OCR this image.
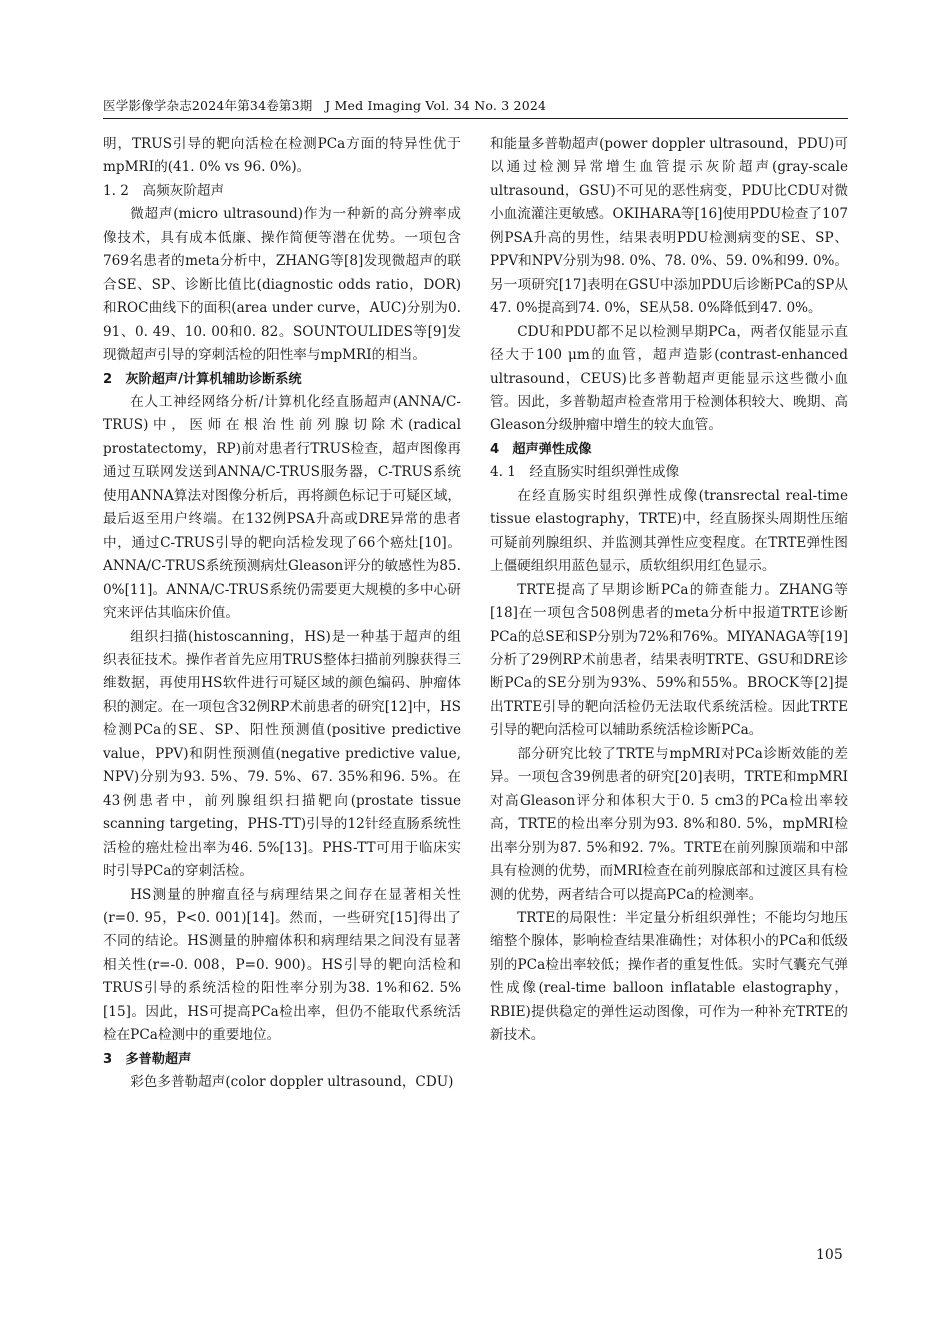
医学影像学杂志2024年第34卷第3期　J Med Imaging Vol. 34 No. 3 2024

明，TRUS引导的靶向活检在检测PCa方面的特异性优于mpMRI的(41. 0% vs 96. 0%)。

1. 2　高频灰阶超声

微超声(micro ultrasound)作为一种新的高分辨率成像技术，具有成本低廉、操作简便等潜在优势。一项包含769名患者的meta分析中，ZHANG等[8]发现微超声的联合SE、SP、诊断比值比(diagnostic odds ratio，DOR)和ROC曲线下的面积(area under curve，AUC)分别为0. 91、0. 49、10. 00和0. 82。SOUNTOULIDES等[9]发现微超声引导的穿刺活检的阳性率与mpMRI的相当。

2　灰阶超声/计算机辅助诊断系统

在人工神经网络分析/计算机化经直肠超声(ANNA/C-TRUS)中，医师在根治性前列腺切除术(radical prostatectomy，RP)前对患者行TRUS检查，超声图像再通过互联网发送到ANNA/C-TRUS服务器，C-TRUS系统使用ANNA算法对图像分析后，再将颜色标记于可疑区域，最后返至用户终端。在132例PSA升高或DRE异常的患者中，通过C-TRUS引导的靶向活检发现了66个癌灶[10]。ANNA/C-TRUS系统预测病灶Gleason评分的敏感性为85. 0%[11]。ANNA/C-TRUS系统仍需要更大规模的多中心研究来评估其临床价值。

组织扫描(histoscanning，HS)是一种基于超声的组织表征技术。操作者首先应用TRUS整体扫描前列腺获得三维数据，再使用HS软件进行可疑区域的颜色编码、肿瘤体积的测定。在一项包含32例RP术前患者的研究[12]中，HS检测PCa的SE、SP、阳性预测值(positive predictive value，PPV)和阴性预测值(negative predictive value, NPV)分别为93. 5%、79. 5%、67. 35%和96. 5%。在43例患者中，前列腺组织扫描靶向(prostate tissue scanning targeting，PHS-TT)引导的12针经直肠系统性活检的癌灶检出率为46. 5%[13]。PHS-TT可用于临床实时引导PCa的穿刺活检。

HS测量的肿瘤直径与病理结果之间存在显著相关性(r=0. 95，P<0. 001)[14]。然而，一些研究[15]得出了不同的结论。HS测量的肿瘤体积和病理结果之间没有显著相关性(r=-0. 008，P=0. 900)。HS引导的靶向活检和TRUS引导的系统活检的阳性率分别为38. 1%和62. 5%[15]。因此，HS可提高PCa检出率，但仍不能取代系统活检在PCa检测中的重要地位。

3　多普勒超声

彩色多普勒超声(color doppler ultrasound，CDU)

和能量多普勒超声(power doppler ultrasound，PDU)可以通过检测异常增生血管提示灰阶超声(gray-scale ultrasound，GSU)不可见的恶性病变，PDU比CDU对微小血流灌注更敏感。OKIHARA等[16]使用PDU检查了107例PSA升高的男性，结果表明PDU检测病变的SE、SP、PPV和NPV分别为98. 0%、78. 0%、59. 0%和99. 0%。另一项研究[17]表明在GSU中添加PDU后诊断PCa的SP从47. 0%提高到74. 0%，SE从58. 0%降低到47. 0%。

CDU和PDU都不足以检测早期PCa，两者仅能显示直径大于100 μm的血管，超声造影(contrast-enhanced ultrasound，CEUS)比多普勒超声更能显示这些微小血管。因此，多普勒超声检查常用于检测体积较大、晚期、高Gleason分级肿瘤中增生的较大血管。

4　超声弹性成像

4. 1　经直肠实时组织弹性成像

在经直肠实时组织弹性成像(transrectal real-time tissue elastography，TRTE)中，经直肠探头周期性压缩可疑前列腺组织、并监测其弹性应变程度。在TRTE弹性图上僵硬组织用蓝色显示，质软组织用红色显示。

TRTE提高了早期诊断PCa的筛查能力。ZHANG等[18]在一项包含508例患者的meta分析中报道TRTE诊断PCa的总SE和SP分别为72%和76%。MIYANAGA等[19]分析了29例RP术前患者，结果表明TRTE、GSU和DRE诊断PCa的SE分别为93%、59%和55%。BROCK等[2]提出TRTE引导的靶向活检仍无法取代系统活检。因此TRTE引导的靶向活检可以辅助系统活检诊断PCa。

部分研究比较了TRTE与mpMRI对PCa诊断效能的差异。一项包含39例患者的研究[20]表明，TRTE和mpMRI对高Gleason评分和体积大于0. 5 cm3的PCa检出率较高，TRTE的检出率分别为93. 8%和80. 5%，mpMRI检出率分别为87. 5%和92. 7%。TRTE在前列腺顶端和中部具有检测的优势，而MRI检查在前列腺底部和过渡区具有检测的优势，两者结合可以提高PCa的检测率。

TRTE的局限性：半定量分析组织弹性；不能均匀地压缩整个腺体，影响检查结果准确性；对体积小的PCa和低级别的PCa检出率较低；操作者的重复性低。实时气囊充气弹性成像(real-time balloon inflatable elastography，RBIE)提供稳定的弹性运动图像，可作为一种补充TRTE的新技术。

105
